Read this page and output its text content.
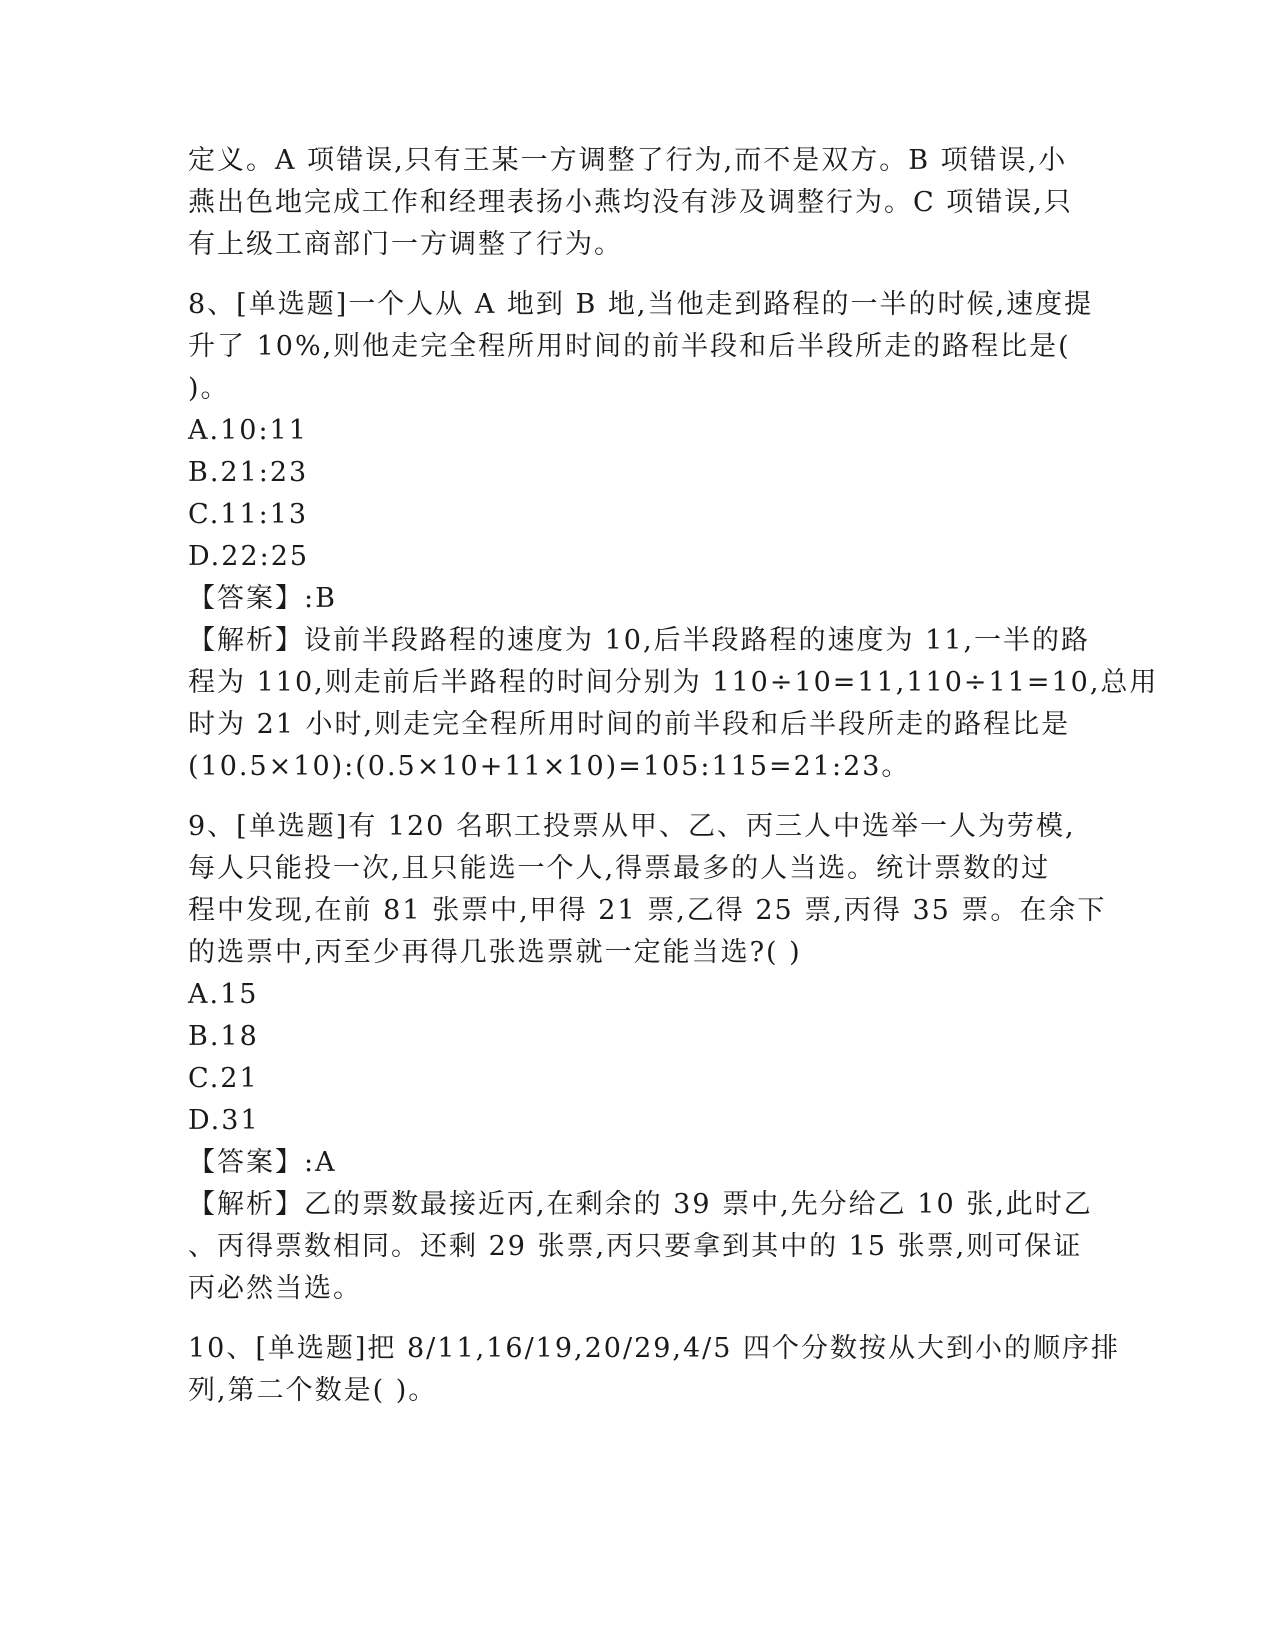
定义。A 项错误,只有王某一方调整了行为,而不是双方。B 项错误,小
燕出色地完成工作和经理表扬小燕均没有涉及调整行为。C 项错误,只
有上级工商部门一方调整了行为。
8、[单选题]一个人从 A 地到 B 地,当他走到路程的一半的时候,速度提
升了 10%,则他走完全程所用时间的前半段和后半段所走的路程比是(
)。
A.10:11
B.21:23
C.11:13
D.22:25
【答案】:B
【解析】设前半段路程的速度为 10,后半段路程的速度为 11,一半的路
程为 110,则走前后半路程的时间分别为 110÷10=11,110÷11=10,总用
时为 21 小时,则走完全程所用时间的前半段和后半段所走的路程比是
(10.5×10):(0.5×10+11×10)=105:115=21:23。
9、[单选题]有 120 名职工投票从甲、乙、丙三人中选举一人为劳模,
每人只能投一次,且只能选一个人,得票最多的人当选。统计票数的过
程中发现,在前 81 张票中,甲得 21 票,乙得 25 票,丙得 35 票。在余下
的选票中,丙至少再得几张选票就一定能当选?( )
A.15
B.18
C.21
D.31
【答案】:A
【解析】乙的票数最接近丙,在剩余的 39 票中,先分给乙 10 张,此时乙
、丙得票数相同。还剩 29 张票,丙只要拿到其中的 15 张票,则可保证
丙必然当选。
10、[单选题]把 8/11,16/19,20/29,4/5 四个分数按从大到小的顺序排
列,第二个数是( )。
